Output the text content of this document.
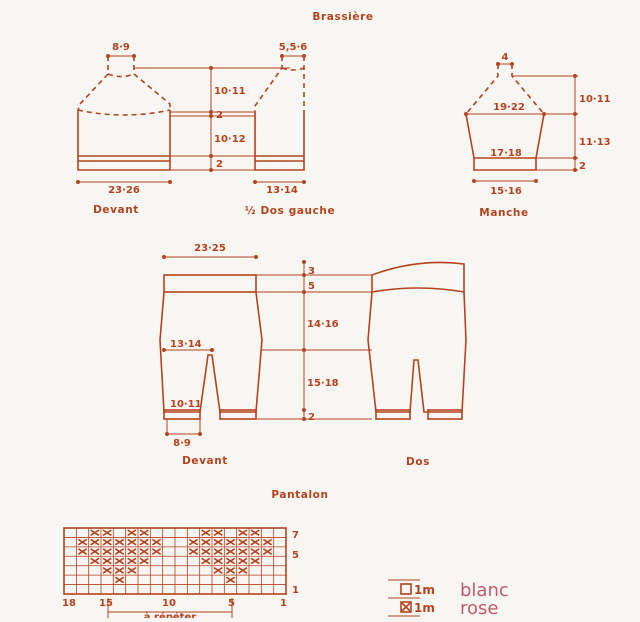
Brassière
8·9
23·26
Devant
10·11
2
10·12
2
5,5·6
13·14
½ Dos gauche
4
19·22
17·18
15·16
10·11
11·13
2
Manche
23·25
13·14
10·11
8·9
Devant
3
5
14·16
15·18
2
Dos
Pantalon
7
5
1
18 15	10	5	1
à répéter
1m blanc
1m rose
